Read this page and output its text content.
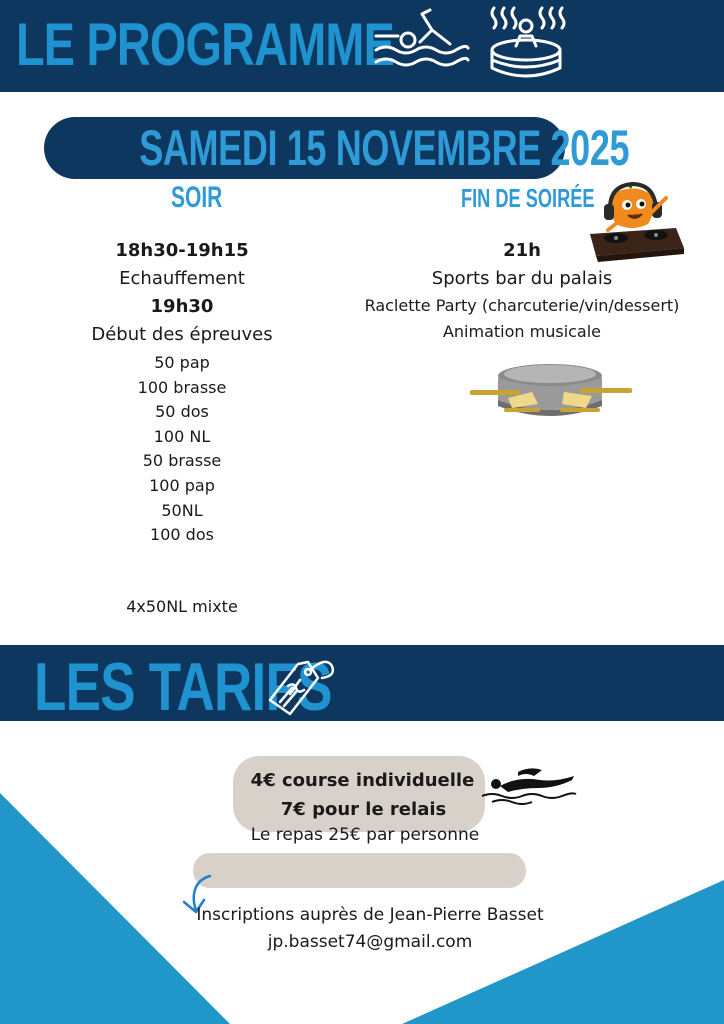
LE PROGRAMME
SAMEDI 15 NOVEMBRE 2025
SOIR	FIN DE SOIRÉE
18h30-19h15
Echauffement
19h30
Début des épreuves
50 pap
100 brasse
50 dos
100 NL
50 brasse
100 pap
50NL
100 dos
4x50NL mixte
21h
Sports bar du palais
Raclette Party (charcuterie/vin/dessert)
Animation musicale
LES TARIFS
4€ course individuelle
7€ pour le relais
Le repas 25€ par personne
Inscriptions auprès de Jean-Pierre Basset
jp.basset74@gmail.com
